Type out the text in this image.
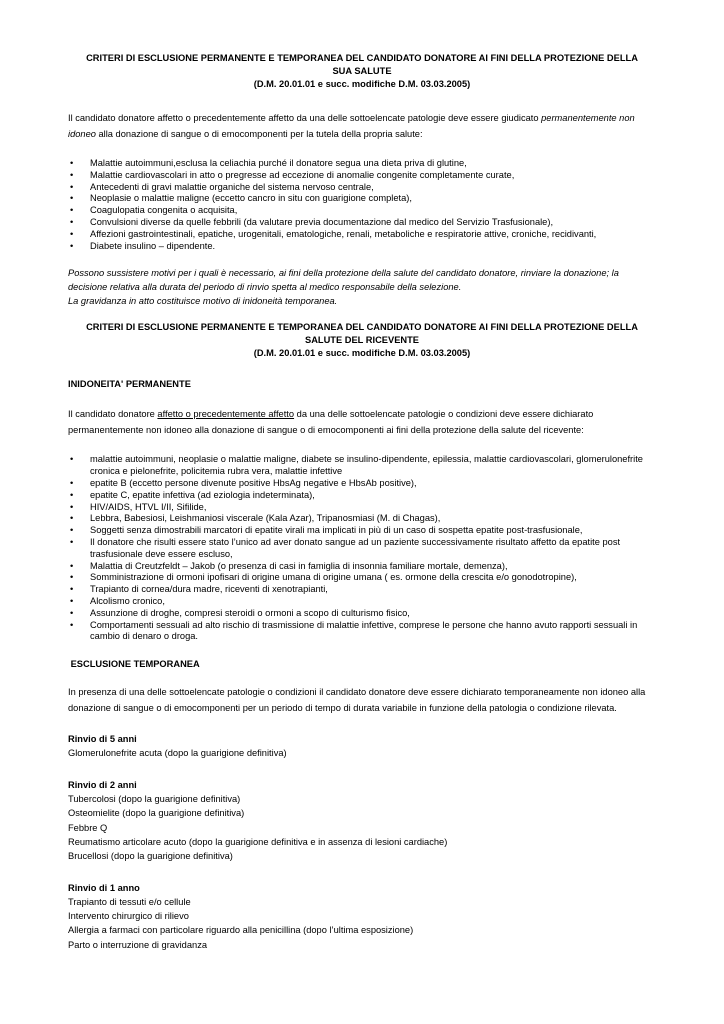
CRITERI DI ESCLUSIONE PERMANENTE E TEMPORANEA DEL CANDIDATO DONATORE AI FINI DELLA PROTEZIONE DELLA

SUA SALUTE

(D.M. 20.01.01 e succ. modifiche D.M. 03.03.2005)

Il candidato donatore affetto o precedentemente affetto da una delle sottoelencate patologie deve essere giudicato permanentemente non idoneo alla donazione di sangue o di emocomponenti per la tutela della propria salute:

• Malattie autoimmuni,esclusa la celiachia purché il donatore segua una dieta priva di glutine,
• Malattie cardiovascolari in atto o pregresse ad eccezione di anomalie congenite completamente curate,
• Antecedenti di gravi malattie organiche del sistema nervoso centrale,
• Neoplasie o malattie maligne (eccetto cancro in situ con guarigione completa),
• Coagulopatia congenita o acquisita,
• Convulsioni diverse da quelle febbrili (da valutare previa documentazione dal medico del Servizio Trasfusionale),
• Affezioni gastrointestinali, epatiche, urogenitali, ematologiche, renali, metaboliche e respiratorie attive, croniche, recidivanti,
• Diabete insulino – dipendente.

Possono sussistere motivi per i quali è necessario, ai fini della protezione della salute del candidato donatore, rinviare la donazione; la decisione relativa alla durata del periodo di rinvio spetta al medico responsabile della selezione.

La gravidanza in atto costituisce motivo di inidoneità temporanea.

CRITERI DI ESCLUSIONE PERMANENTE E TEMPORANEA DEL CANDIDATO DONATORE AI FINI DELLA PROTEZIONE DELLA

SALUTE DEL RICEVENTE

(D.M. 20.01.01 e succ. modifiche D.M. 03.03.2005)

INIDONEITA' PERMANENTE

Il candidato donatore affetto o precedentemente affetto da una delle sottoelencate patologie o condizioni deve essere dichiarato permanentemente non idoneo alla donazione di sangue o di emocomponenti ai fini della protezione della salute del ricevente:

• malattie autoimmuni, neoplasie o malattie maligne, diabete se insulino-dipendente, epilessia, malattie cardiovascolari, glomerulonefrite cronica e pielonefrite, policitemia rubra vera, malattie infettive
• epatite B (eccetto persone divenute positive HbsAg negative e HbsAb positive),
• epatite C, epatite infettiva (ad eziologia indeterminata),
• HIV/AIDS, HTVL I/II, Sifilide,
• Lebbra, Babesiosi, Leishmaniosi viscerale (Kala Azar), Tripanosmiasi (M. di Chagas),
• Soggetti senza dimostrabili marcatori di epatite virali ma implicati in più di un caso di sospetta epatite post-trasfusionale,
• Il donatore che risulti essere stato l’unico ad aver donato sangue ad un paziente successivamente risultato affetto da epatite post trasfusionale deve essere escluso,
• Malattia di Creutzfeldt – Jakob (o presenza di casi in famiglia di insonnia familiare mortale, demenza),
• Somministrazione di ormoni ipofisari di origine umana di origine umana ( es. ormone della crescita e/o gonodotropine),
• Trapianto di cornea/dura madre, riceventi di xenotrapianti,
• Alcolismo cronico,
• Assunzione di droghe, compresi steroidi o ormoni a scopo di culturismo fisico,
• Comportamenti sessuali ad alto rischio di trasmissione di malattie infettive, comprese le persone che hanno avuto rapporti sessuali in cambio di denaro o droga.

ESCLUSIONE TEMPORANEA

In presenza di una delle sottoelencate patologie o condizioni il candidato donatore deve essere dichiarato temporaneamente non idoneo alla donazione di sangue o di emocomponenti per un periodo di tempo di durata variabile in funzione della patologia o condizione rilevata.

Rinvio di 5 anni

Glomerulonefrite acuta (dopo la guarigione definitiva)

Rinvio di 2 anni

Tubercolosi (dopo la guarigione definitiva)

Osteomielite (dopo la guarigione definitiva)

Febbre Q

Reumatismo articolare acuto (dopo la guarigione definitiva e in assenza di lesioni cardiache)

Brucellosi (dopo la guarigione definitiva)

Rinvio di 1 anno

Trapianto di tessuti e/o cellule

Intervento chirurgico di rilievo

Allergia a farmaci con particolare riguardo alla penicillina (dopo l’ultima esposizione)

Parto o interruzione di gravidanza
